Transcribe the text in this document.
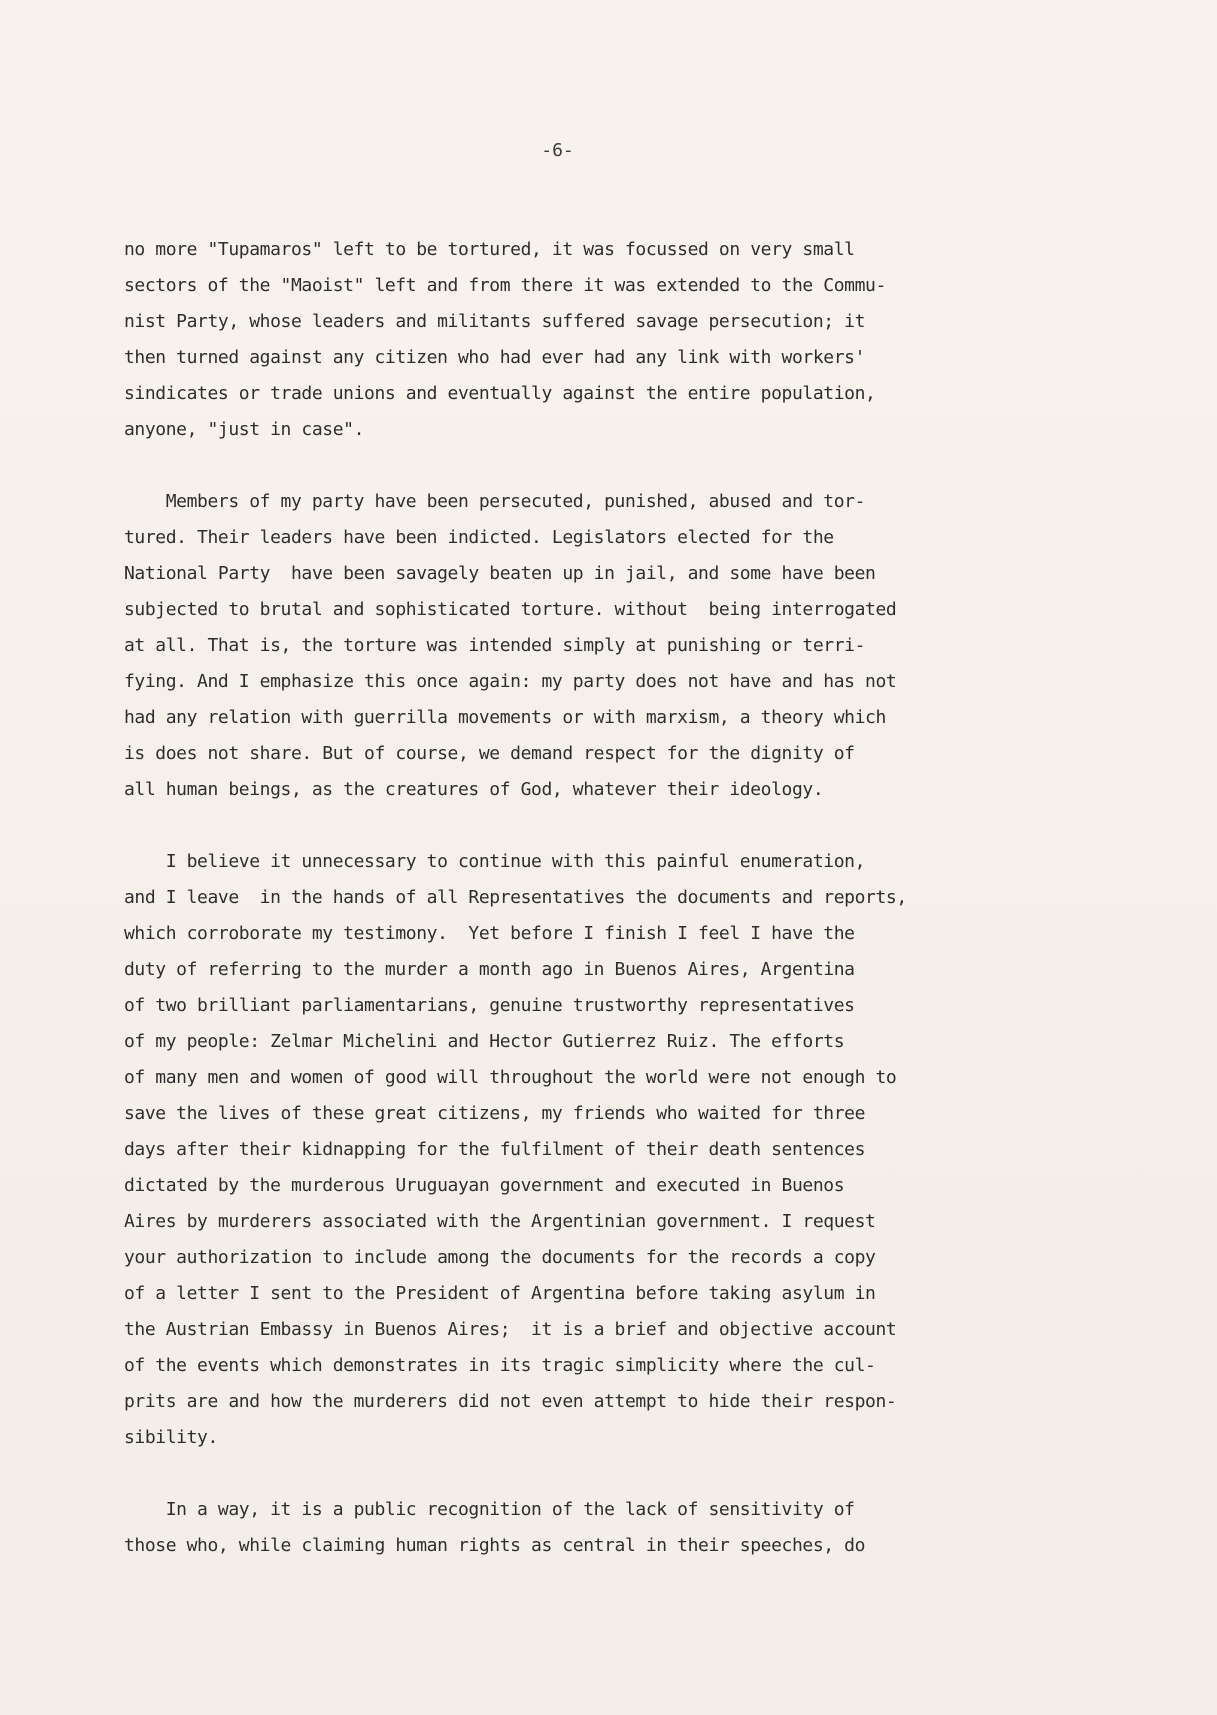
-6-
no more "Tupamaros" left to be tortured, it was focussed on very small
sectors of the "Maoist" left and from there it was extended to the Commu-
nist Party, whose leaders and militants suffered savage persecution; it
then turned against any citizen who had ever had any link with workers'
sindicates or trade unions and eventually against the entire population,
anyone, "just in case".
Members of my party have been persecuted, punished, abused and tor-
tured. Their leaders have been indicted. Legislators elected for the
National Party  have been savagely beaten up in jail, and some have been
subjected to brutal and sophisticated torture. without  being interrogated
at all. That is, the torture was intended simply at punishing or terri-
fying. And I emphasize this once again: my party does not have and has not
had any relation with guerrilla movements or with marxism, a theory which
is does not share. But of course, we demand respect for the dignity of
all human beings, as the creatures of God, whatever their ideology.
I believe it unnecessary to continue with this painful enumeration,
and I leave  in the hands of all Representatives the documents and reports,
which corroborate my testimony.  Yet before I finish I feel I have the
duty of referring to the murder a month ago in Buenos Aires, Argentina
of two brilliant parliamentarians, genuine trustworthy representatives
of my people: Zelmar Michelini and Hector Gutierrez Ruiz. The efforts
of many men and women of good will throughout the world were not enough to
save the lives of these great citizens, my friends who waited for three
days after their kidnapping for the fulfilment of their death sentences
dictated by the murderous Uruguayan government and executed in Buenos
Aires by murderers associated with the Argentinian government. I request
your authorization to include among the documents for the records a copy
of a letter I sent to the President of Argentina before taking asylum in
the Austrian Embassy in Buenos Aires;  it is a brief and objective account
of the events which demonstrates in its tragic simplicity where the cul-
prits are and how the murderers did not even attempt to hide their respon-
sibility.
In a way, it is a public recognition of the lack of sensitivity of
those who, while claiming human rights as central in their speeches, do
